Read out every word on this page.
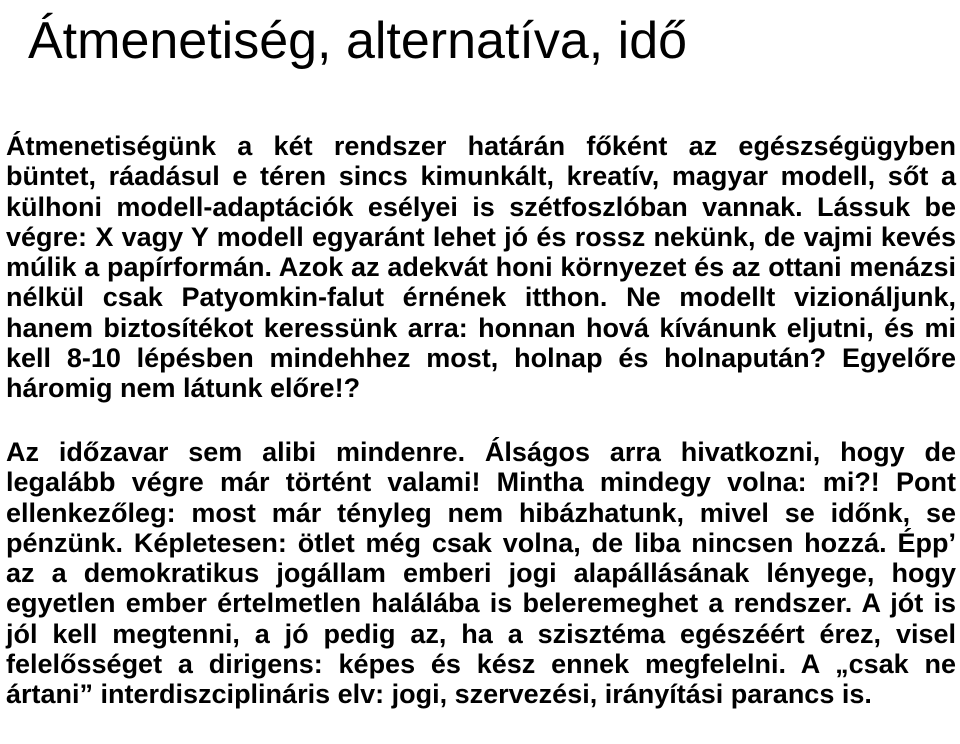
Átmenetiség, alternatíva, idő

Átmenetiségünk a két rendszer határán főként az egészségügyben büntet, ráadásul e téren sincs kimunkált, kreatív, magyar modell, sőt a külhoni modell-adaptációk esélyei is szétfoszlóban vannak. Lássuk be végre: X vagy Y modell egyaránt lehet jó és rossz nekünk, de vajmi kevés múlik a papírformán. Azok az adekvát honi környezet és az ottani menázsi nélkül csak Patyomkin-falut érnének itthon. Ne modellt vizionáljunk, hanem biztosítékot keressünk arra: honnan hová kívánunk eljutni, és mi kell 8-10 lépésben mindehhez most, holnap és holnapután? Egyelőre háromig nem látunk előre!?

Az időzavar sem alibi mindenre. Álságos arra hivatkozni, hogy de legalább végre már történt valami! Mintha mindegy volna: mi?! Pont ellenkezőleg: most már tényleg nem hibázhatunk, mivel se időnk, se pénzünk. Képletesen: ötlet még csak volna, de liba nincsen hozzá. Épp’ az a demokratikus jogállam emberi jogi alapállásának lényege, hogy egyetlen ember értelmetlen halálába is beleremeghet a rendszer. A jót is jól kell megtenni, a jó pedig az, ha a szisztéma egészéért érez, visel felelősséget a dirigens: képes és kész ennek megfelelni. A „csak ne ártani” interdiszciplináris elv: jogi, szervezési, irányítási parancs is.
